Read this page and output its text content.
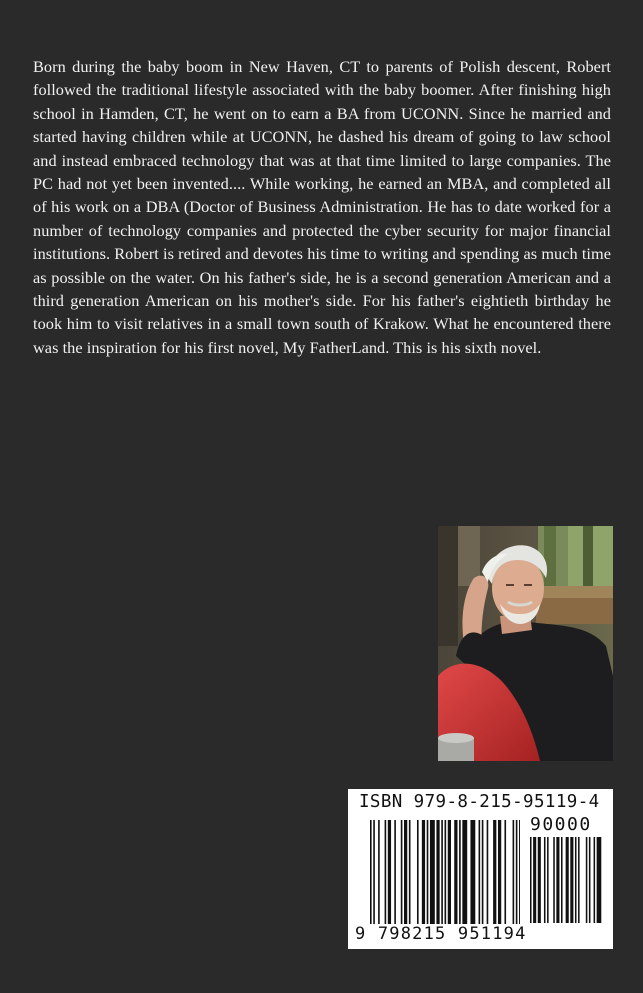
Born during the baby boom in New Haven, CT to parents of Polish descent, Robert followed the traditional lifestyle associated with the baby boomer. After finishing high school in Hamden, CT, he went on to earn a BA from UCONN. Since he married and started having children while at UCONN, he dashed his dream of going to law school and instead embraced technology that was at that time limited to large companies. The PC had not yet been invented.... While working, he earned an MBA, and completed all of his work on a DBA (Doctor of Business Administration. He has to date worked for a number of technology companies and protected the cyber security for major financial institutions. Robert is retired and devotes his time to writing and spending as much time as possible on the water. On his father's side, he is a second generation American and a third generation American on his mother's side. For his father's eightieth birthday he took him to visit relatives in a small town south of Krakow. What he encountered there was the inspiration for his first novel, My FatherLand. This is his sixth novel.

ISBN 979-8-215-95119-4
90000
9 798215 951194
